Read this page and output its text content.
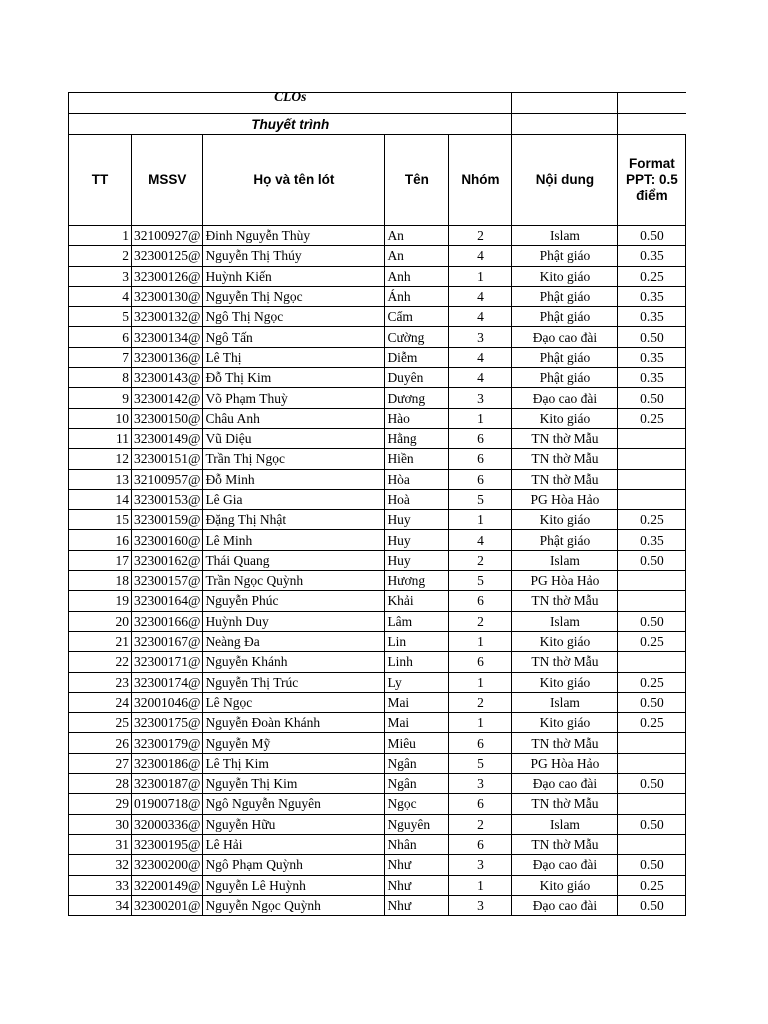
CLOs						
Thuyết trình						
TT	MSSV	Họ và tên lót	Tên	Nhóm	Nội dung	Format PPT: 0.5 điểm
1	32100927@	Đinh Nguyễn Thùy	An	2	Islam	0.50
2	32300125@	Nguyễn Thị Thúy	An	4	Phật giáo	0.35
3	32300126@	Huỳnh Kiến	Anh	1	Kito giáo	0.25
4	32300130@	Nguyễn Thị Ngọc	Ánh	4	Phật giáo	0.35
5	32300132@	Ngô Thị Ngọc	Cẩm	4	Phật giáo	0.35
6	32300134@	Ngô Tấn	Cường	3	Đạo cao đài	0.50
7	32300136@	Lê Thị	Diễm	4	Phật giáo	0.35
8	32300143@	Đỗ Thị Kim	Duyên	4	Phật giáo	0.35
9	32300142@	Võ Phạm Thuỳ	Dương	3	Đạo cao đài	0.50
10	32300150@	Châu Anh	Hào	1	Kito giáo	0.25
11	32300149@	Vũ Diệu	Hằng	6	TN thờ Mẫu	
12	32300151@	Trần Thị Ngọc	Hiền	6	TN thờ Mẫu	
13	32100957@	Đỗ Minh	Hòa	6	TN thờ Mẫu	
14	32300153@	Lê Gia	Hoà	5	PG Hòa Hảo	
15	32300159@	Đặng Thị Nhật	Huy	1	Kito giáo	0.25
16	32300160@	Lê Minh	Huy	4	Phật giáo	0.35
17	32300162@	Thái Quang	Huy	2	Islam	0.50
18	32300157@	Trần Ngọc Quỳnh	Hương	5	PG Hòa Hảo	
19	32300164@	Nguyễn Phúc	Khải	6	TN thờ Mẫu	
20	32300166@	Huỳnh Duy	Lâm	2	Islam	0.50
21	32300167@	Neàng Đa	Lin	1	Kito giáo	0.25
22	32300171@	Nguyễn Khánh	Linh	6	TN thờ Mẫu	
23	32300174@	Nguyễn Thị Trúc	Ly	1	Kito giáo	0.25
24	32001046@	Lê Ngọc	Mai	2	Islam	0.50
25	32300175@	Nguyễn Đoàn Khánh	Mai	1	Kito giáo	0.25
26	32300179@	Nguyễn Mỹ	Miêu	6	TN thờ Mẫu	
27	32300186@	Lê Thị Kim	Ngân	5	PG Hòa Hảo	
28	32300187@	Nguyễn Thị Kim	Ngân	3	Đạo cao đài	0.50
29	01900718@	Ngô Nguyễn Nguyên	Ngọc	6	TN thờ Mẫu	
30	32000336@	Nguyễn Hữu	Nguyên	2	Islam	0.50
31	32300195@	Lê Hải	Nhân	6	TN thờ Mẫu	
32	32300200@	Ngô Phạm Quỳnh	Như	3	Đạo cao đài	0.50
33	32200149@	Nguyễn Lê Huỳnh	Như	1	Kito giáo	0.25
34	32300201@	Nguyễn Ngọc Quỳnh	Như	3	Đạo cao đài	0.50
